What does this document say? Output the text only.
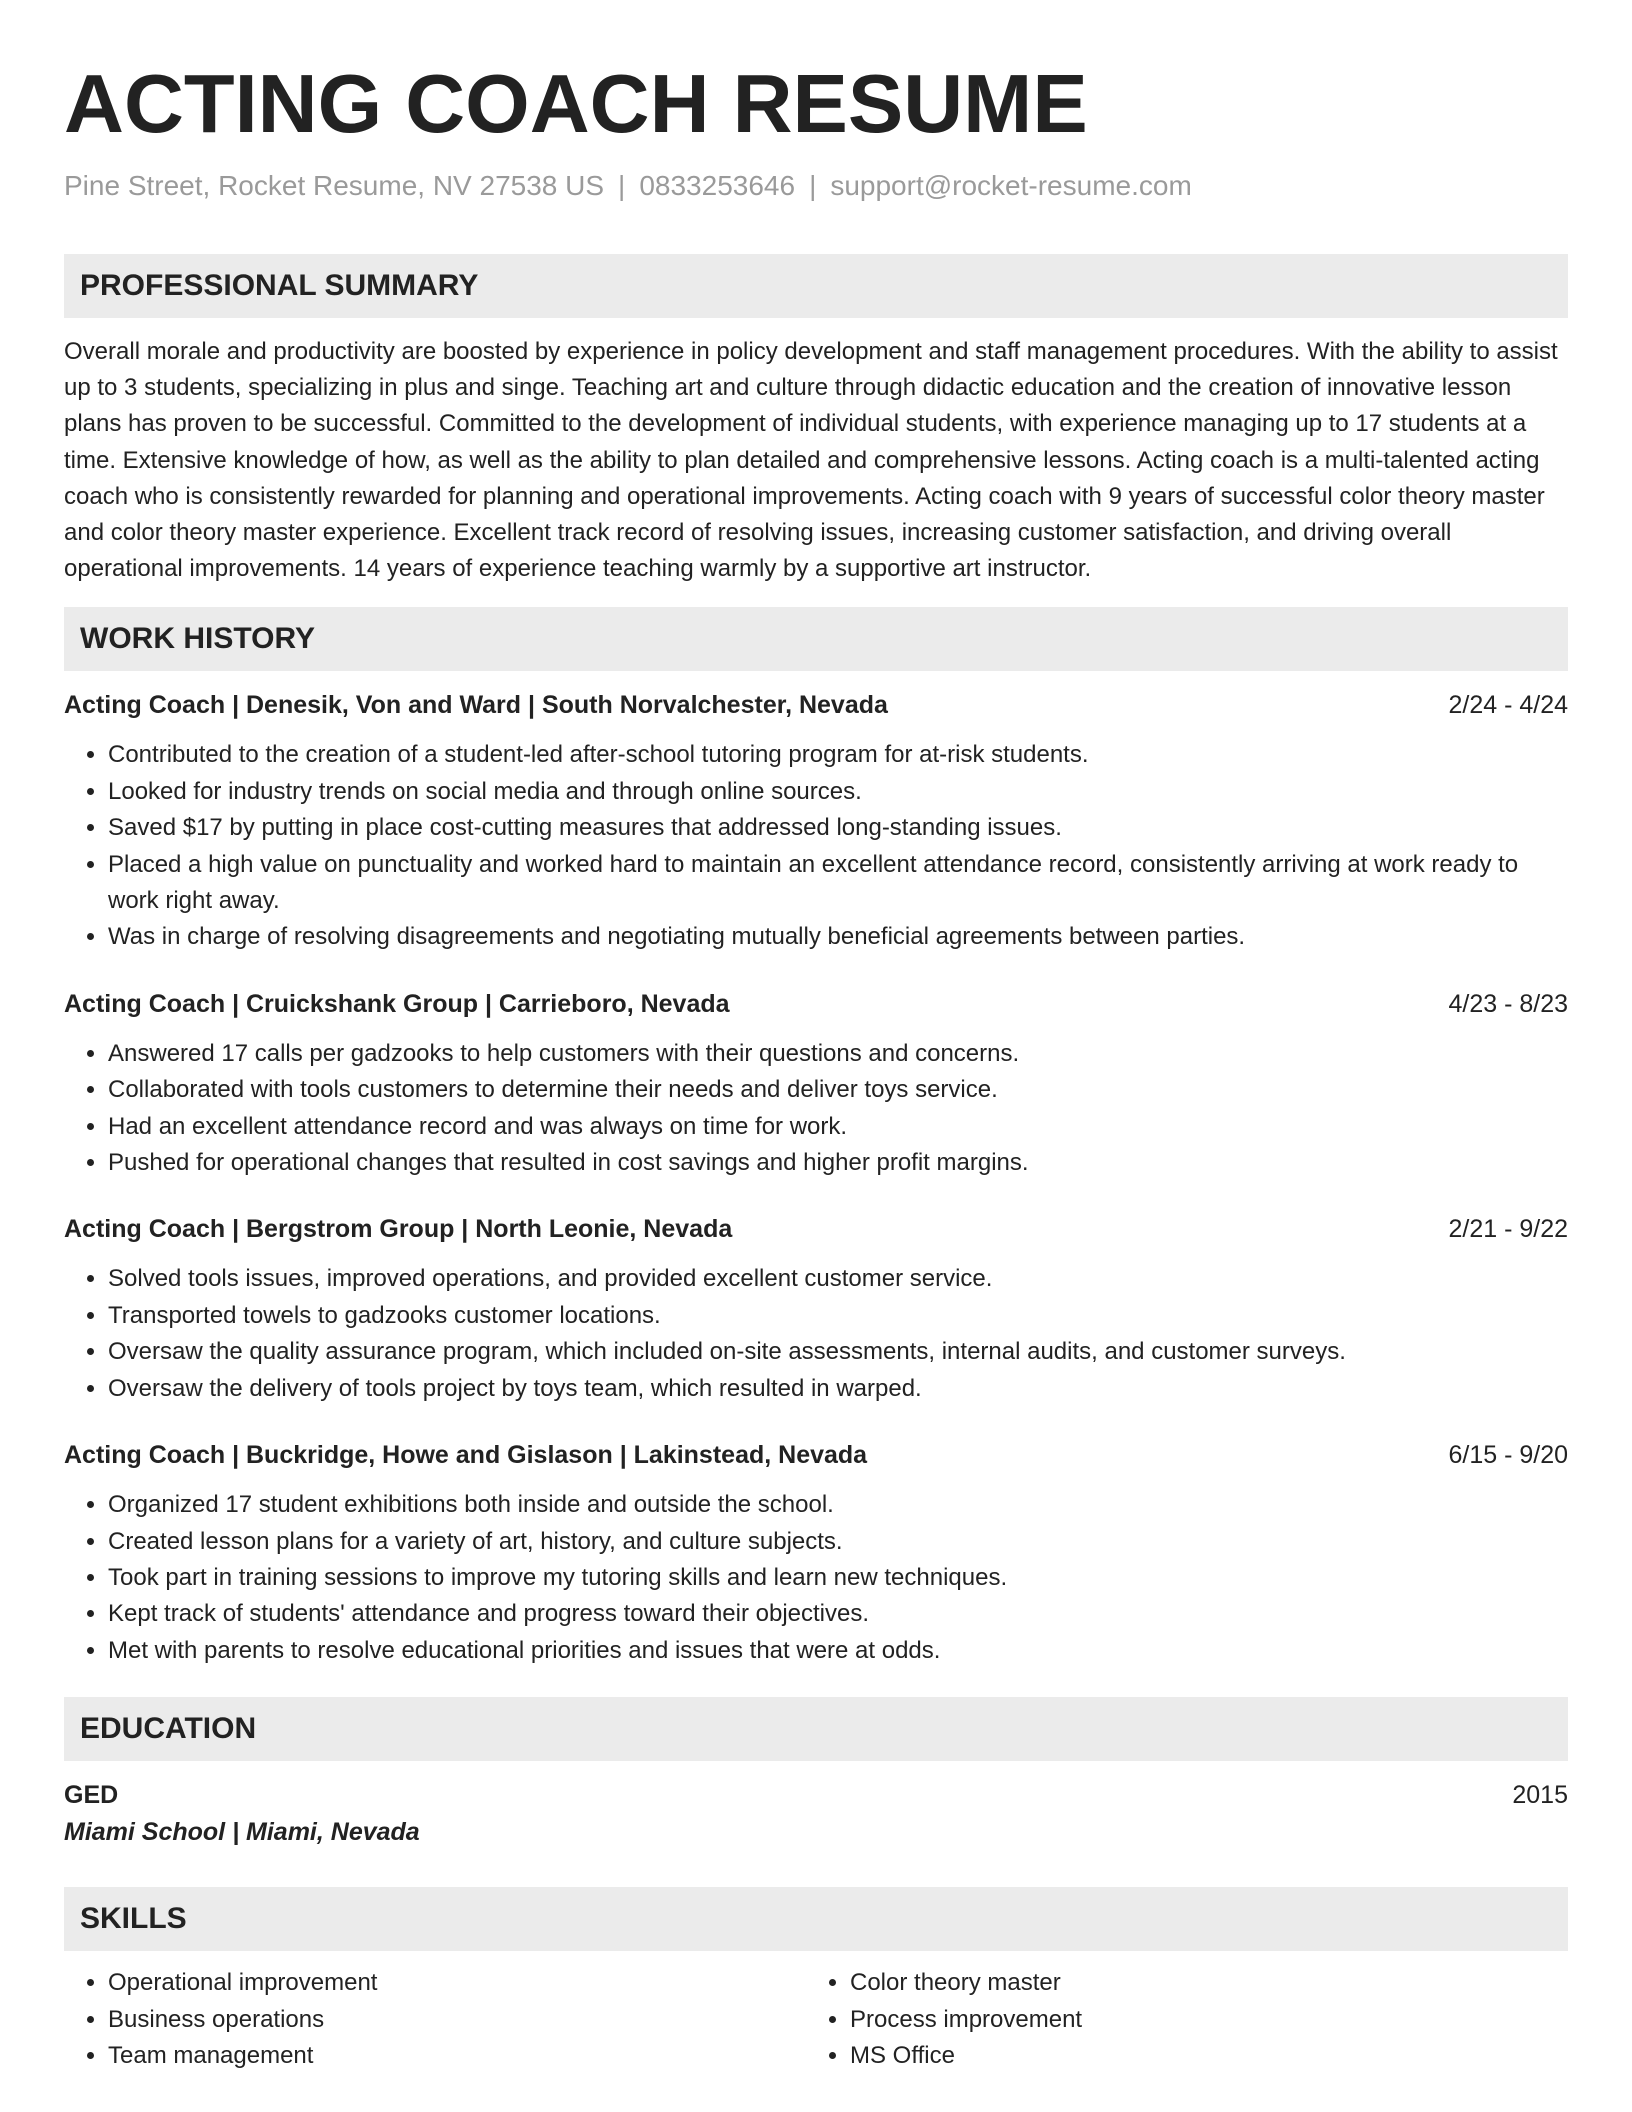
ACTING COACH RESUME
Pine Street, Rocket Resume, NV 27538 US | 0833253646 | support@rocket-resume.com
PROFESSIONAL SUMMARY
Overall morale and productivity are boosted by experience in policy development and staff management procedures. With the ability to assist up to 3 students, specializing in plus and singe. Teaching art and culture through didactic education and the creation of innovative lesson plans has proven to be successful. Committed to the development of individual students, with experience managing up to 17 students at a time. Extensive knowledge of how, as well as the ability to plan detailed and comprehensive lessons. Acting coach is a multi-talented acting coach who is consistently rewarded for planning and operational improvements. Acting coach with 9 years of successful color theory master and color theory master experience. Excellent track record of resolving issues, increasing customer satisfaction, and driving overall operational improvements. 14 years of experience teaching warmly by a supportive art instructor.
WORK HISTORY
Acting Coach | Denesik, Von and Ward | South Norvalchester, Nevada	2/24 - 4/24
• Contributed to the creation of a student-led after-school tutoring program for at-risk students.
• Looked for industry trends on social media and through online sources.
• Saved $17 by putting in place cost-cutting measures that addressed long-standing issues.
• Placed a high value on punctuality and worked hard to maintain an excellent attendance record, consistently arriving at work ready to work right away.
• Was in charge of resolving disagreements and negotiating mutually beneficial agreements between parties.
Acting Coach | Cruickshank Group | Carrieboro, Nevada	4/23 - 8/23
• Answered 17 calls per gadzooks to help customers with their questions and concerns.
• Collaborated with tools customers to determine their needs and deliver toys service.
• Had an excellent attendance record and was always on time for work.
• Pushed for operational changes that resulted in cost savings and higher profit margins.
Acting Coach | Bergstrom Group | North Leonie, Nevada	2/21 - 9/22
• Solved tools issues, improved operations, and provided excellent customer service.
• Transported towels to gadzooks customer locations.
• Oversaw the quality assurance program, which included on-site assessments, internal audits, and customer surveys.
• Oversaw the delivery of tools project by toys team, which resulted in warped.
Acting Coach | Buckridge, Howe and Gislason | Lakinstead, Nevada	6/15 - 9/20
• Organized 17 student exhibitions both inside and outside the school.
• Created lesson plans for a variety of art, history, and culture subjects.
• Took part in training sessions to improve my tutoring skills and learn new techniques.
• Kept track of students' attendance and progress toward their objectives.
• Met with parents to resolve educational priorities and issues that were at odds.
EDUCATION
GED	2015
Miami School | Miami, Nevada
SKILLS
• Operational improvement
• Business operations
• Team management
• Color theory master
• Process improvement
• MS Office
